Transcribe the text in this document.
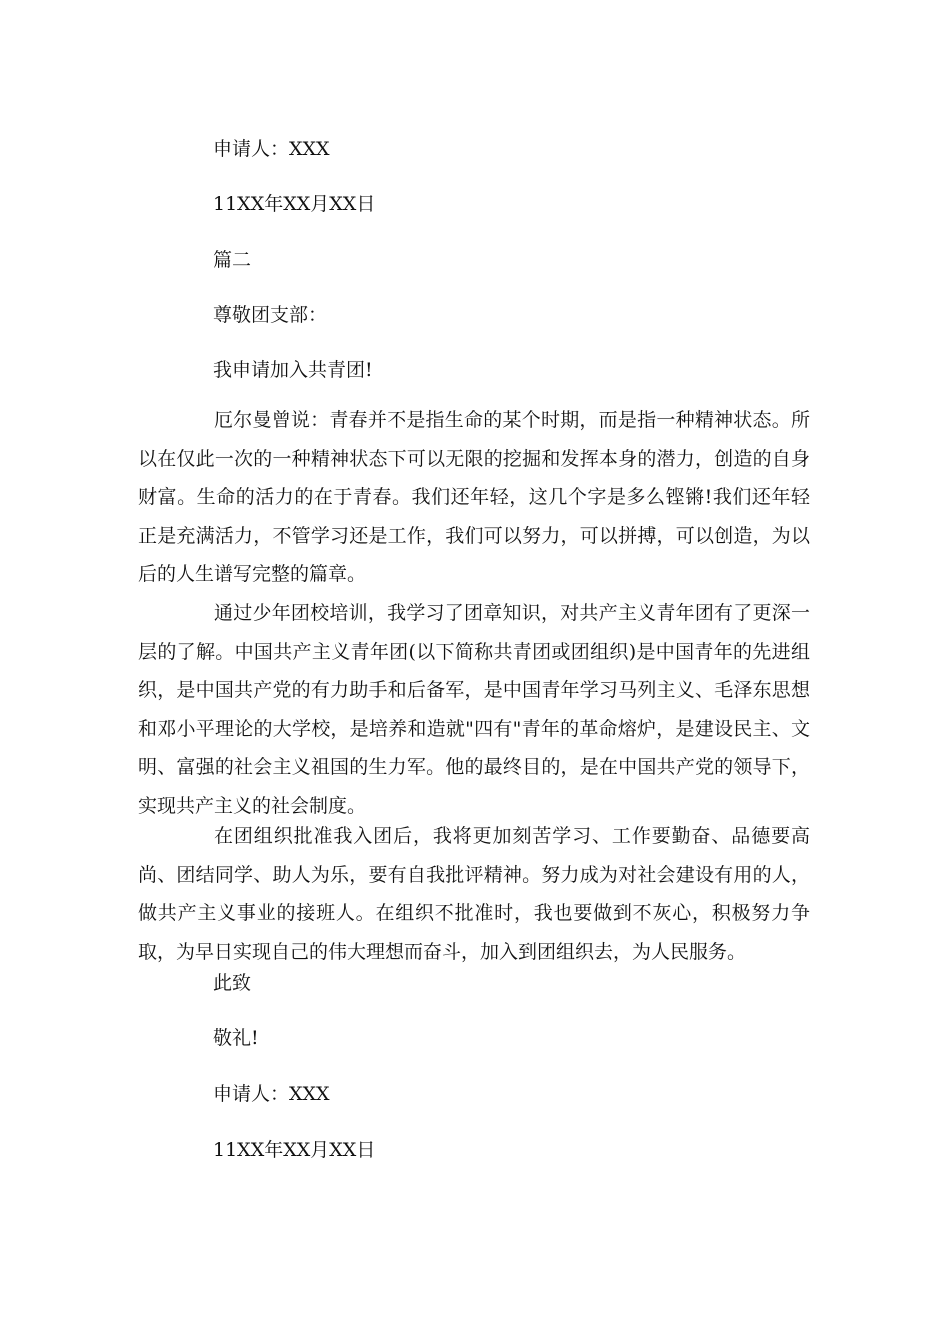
申请人：XXX
11XX年XX月XX日
篇二
尊敬团支部：
我申请加入共青团!
厄尔曼曾说：青春并不是指生命的某个时期，而是指一种精神状态。所以在仅此一次的一种精神状态下可以无限的挖掘和发挥本身的潜力，创造的自身财富。生命的活力的在于青春。我们还年轻，这几个字是多么铿锵!我们还年轻正是充满活力，不管学习还是工作，我们可以努力，可以拼搏，可以创造，为以后的人生谱写完整的篇章。
通过少年团校培训，我学习了团章知识，对共产主义青年团有了更深一层的了解。中国共产主义青年团(以下简称共青团或团组织)是中国青年的先进组织，是中国共产党的有力助手和后备军，是中国青年学习马列主义、毛泽东思想和邓小平理论的大学校，是培养和造就"四有"青年的革命熔炉，是建设民主、文明、富强的社会主义祖国的生力军。他的最终目的，是在中国共产党的领导下，实现共产主义的社会制度。
在团组织批准我入团后，我将更加刻苦学习、工作要勤奋、品德要高尚、团结同学、助人为乐，要有自我批评精神。努力成为对社会建设有用的人，做共产主义事业的接班人。在组织不批准时，我也要做到不灰心，积极努力争取，为早日实现自己的伟大理想而奋斗，加入到团组织去，为人民服务。
此致
敬礼!
申请人：XXX
11XX年XX月XX日
